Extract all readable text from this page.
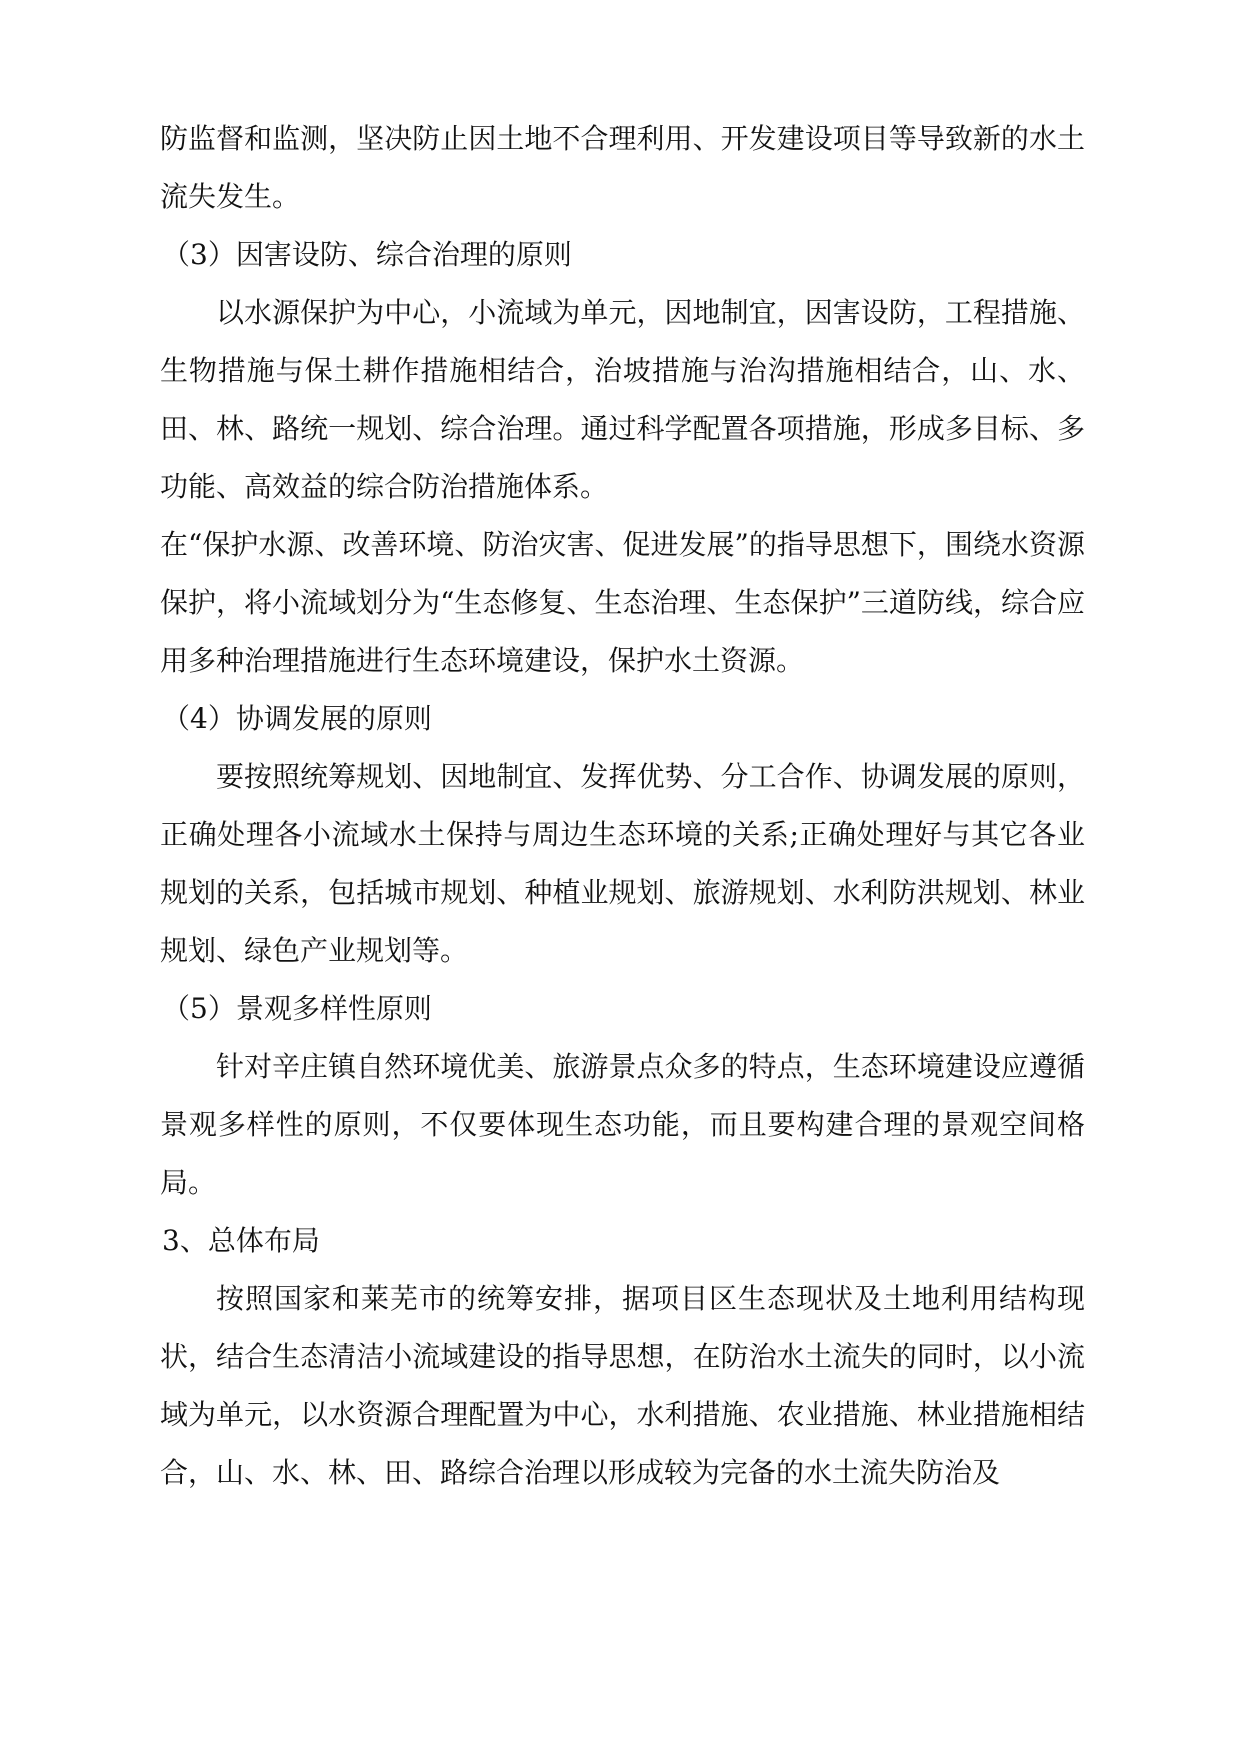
防监督和监测，坚决防止因土地不合理利用、开发建设项目等导致新的水土流失发生。

（3）因害设防、综合治理的原则

以水源保护为中心，小流域为单元，因地制宜，因害设防，工程措施、生物措施与保土耕作措施相结合，治坡措施与治沟措施相结合，山、水、田、林、路统一规划、综合治理。通过科学配置各项措施，形成多目标、多功能、高效益的综合防治措施体系。

在“保护水源、改善环境、防治灾害、促进发展”的指导思想下，围绕水资源保护，将小流域划分为“生态修复、生态治理、生态保护”三道防线，综合应用多种治理措施进行生态环境建设，保护水土资源。

（4）协调发展的原则

要按照统筹规划、因地制宜、发挥优势、分工合作、协调发展的原则，正确处理各小流域水土保持与周边生态环境的关系;正确处理好与其它各业规划的关系，包括城市规划、种植业规划、旅游规划、水利防洪规划、林业规划、绿色产业规划等。

（5）景观多样性原则

针对辛庄镇自然环境优美、旅游景点众多的特点，生态环境建设应遵循景观多样性的原则，不仅要体现生态功能，而且要构建合理的景观空间格局。

3、总体布局

按照国家和莱芜市的统筹安排，据项目区生态现状及土地利用结构现状，结合生态清洁小流域建设的指导思想，在防治水土流失的同时，以小流域为单元，以水资源合理配置为中心，水利措施、农业措施、林业措施相结合，山、水、林、田、路综合治理以形成较为完备的水土流失防治及
